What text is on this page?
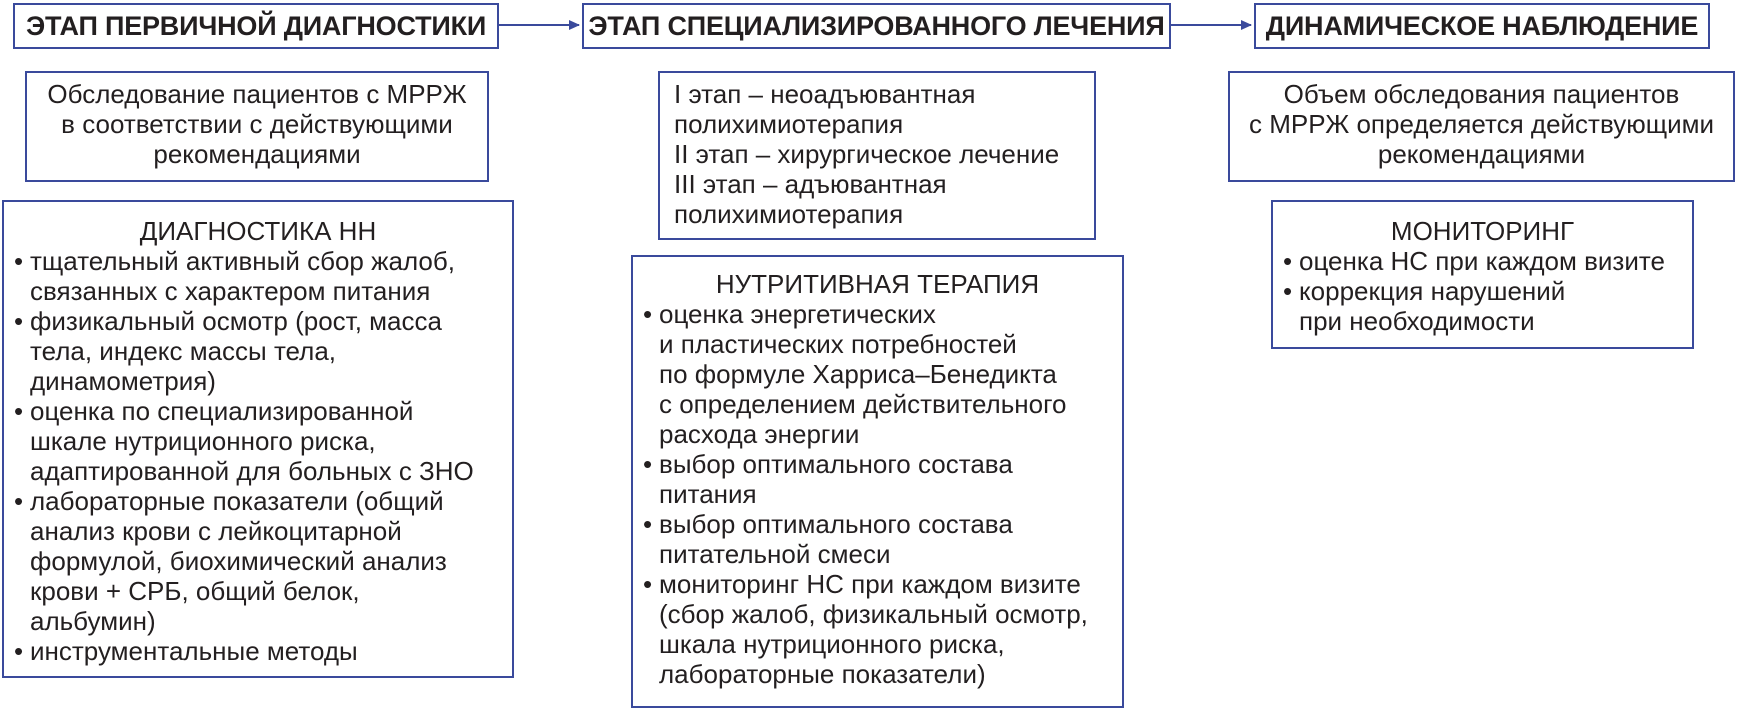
ЭТАП ПЕРВИЧНОЙ ДИАГНОСТИКИ
Обследование пациентов с МРРЖ
в соответствии с действующими
рекомендациями
ДИАГНОСТИКА НН
• тщательный активный сбор жалоб,
связанных с характером питания
• физикальный осмотр (рост, масса
тела, индекс массы тела,
динамометрия)
• оценка по специализированной
шкале нутриционного риска,
адаптированной для больных с ЗНО
• лабораторные показатели (общий
анализ крови с лейкоцитарной
формулой, биохимический анализ
крови + СРБ, общий белок,
альбумин)
• инструментальные методы
ЭТАП СПЕЦИАЛИЗИРОВАННОГО ЛЕЧЕНИЯ
I этап – неоадъювантная
полихимиотерапия
II этап – хирургическое лечение
III этап – адъювантная
полихимиотерапия
НУТРИТИВНАЯ ТЕРАПИЯ
• оценка энергетических
и пластических потребностей
по формуле Харриса–Бенедикта
с определением действительного
расхода энергии
• выбор оптимального состава
питания
• выбор оптимального состава
питательной смеси
• мониторинг НС при каждом визите
(сбор жалоб, физикальный осмотр,
шкала нутриционного риска,
лабораторные показатели)
ДИНАМИЧЕСКОЕ НАБЛЮДЕНИЕ
Объем обследования пациентов
с МРРЖ определяется действующими
рекомендациями
МОНИТОРИНГ
• оценка НС при каждом визите
• коррекция нарушений
при необходимости
